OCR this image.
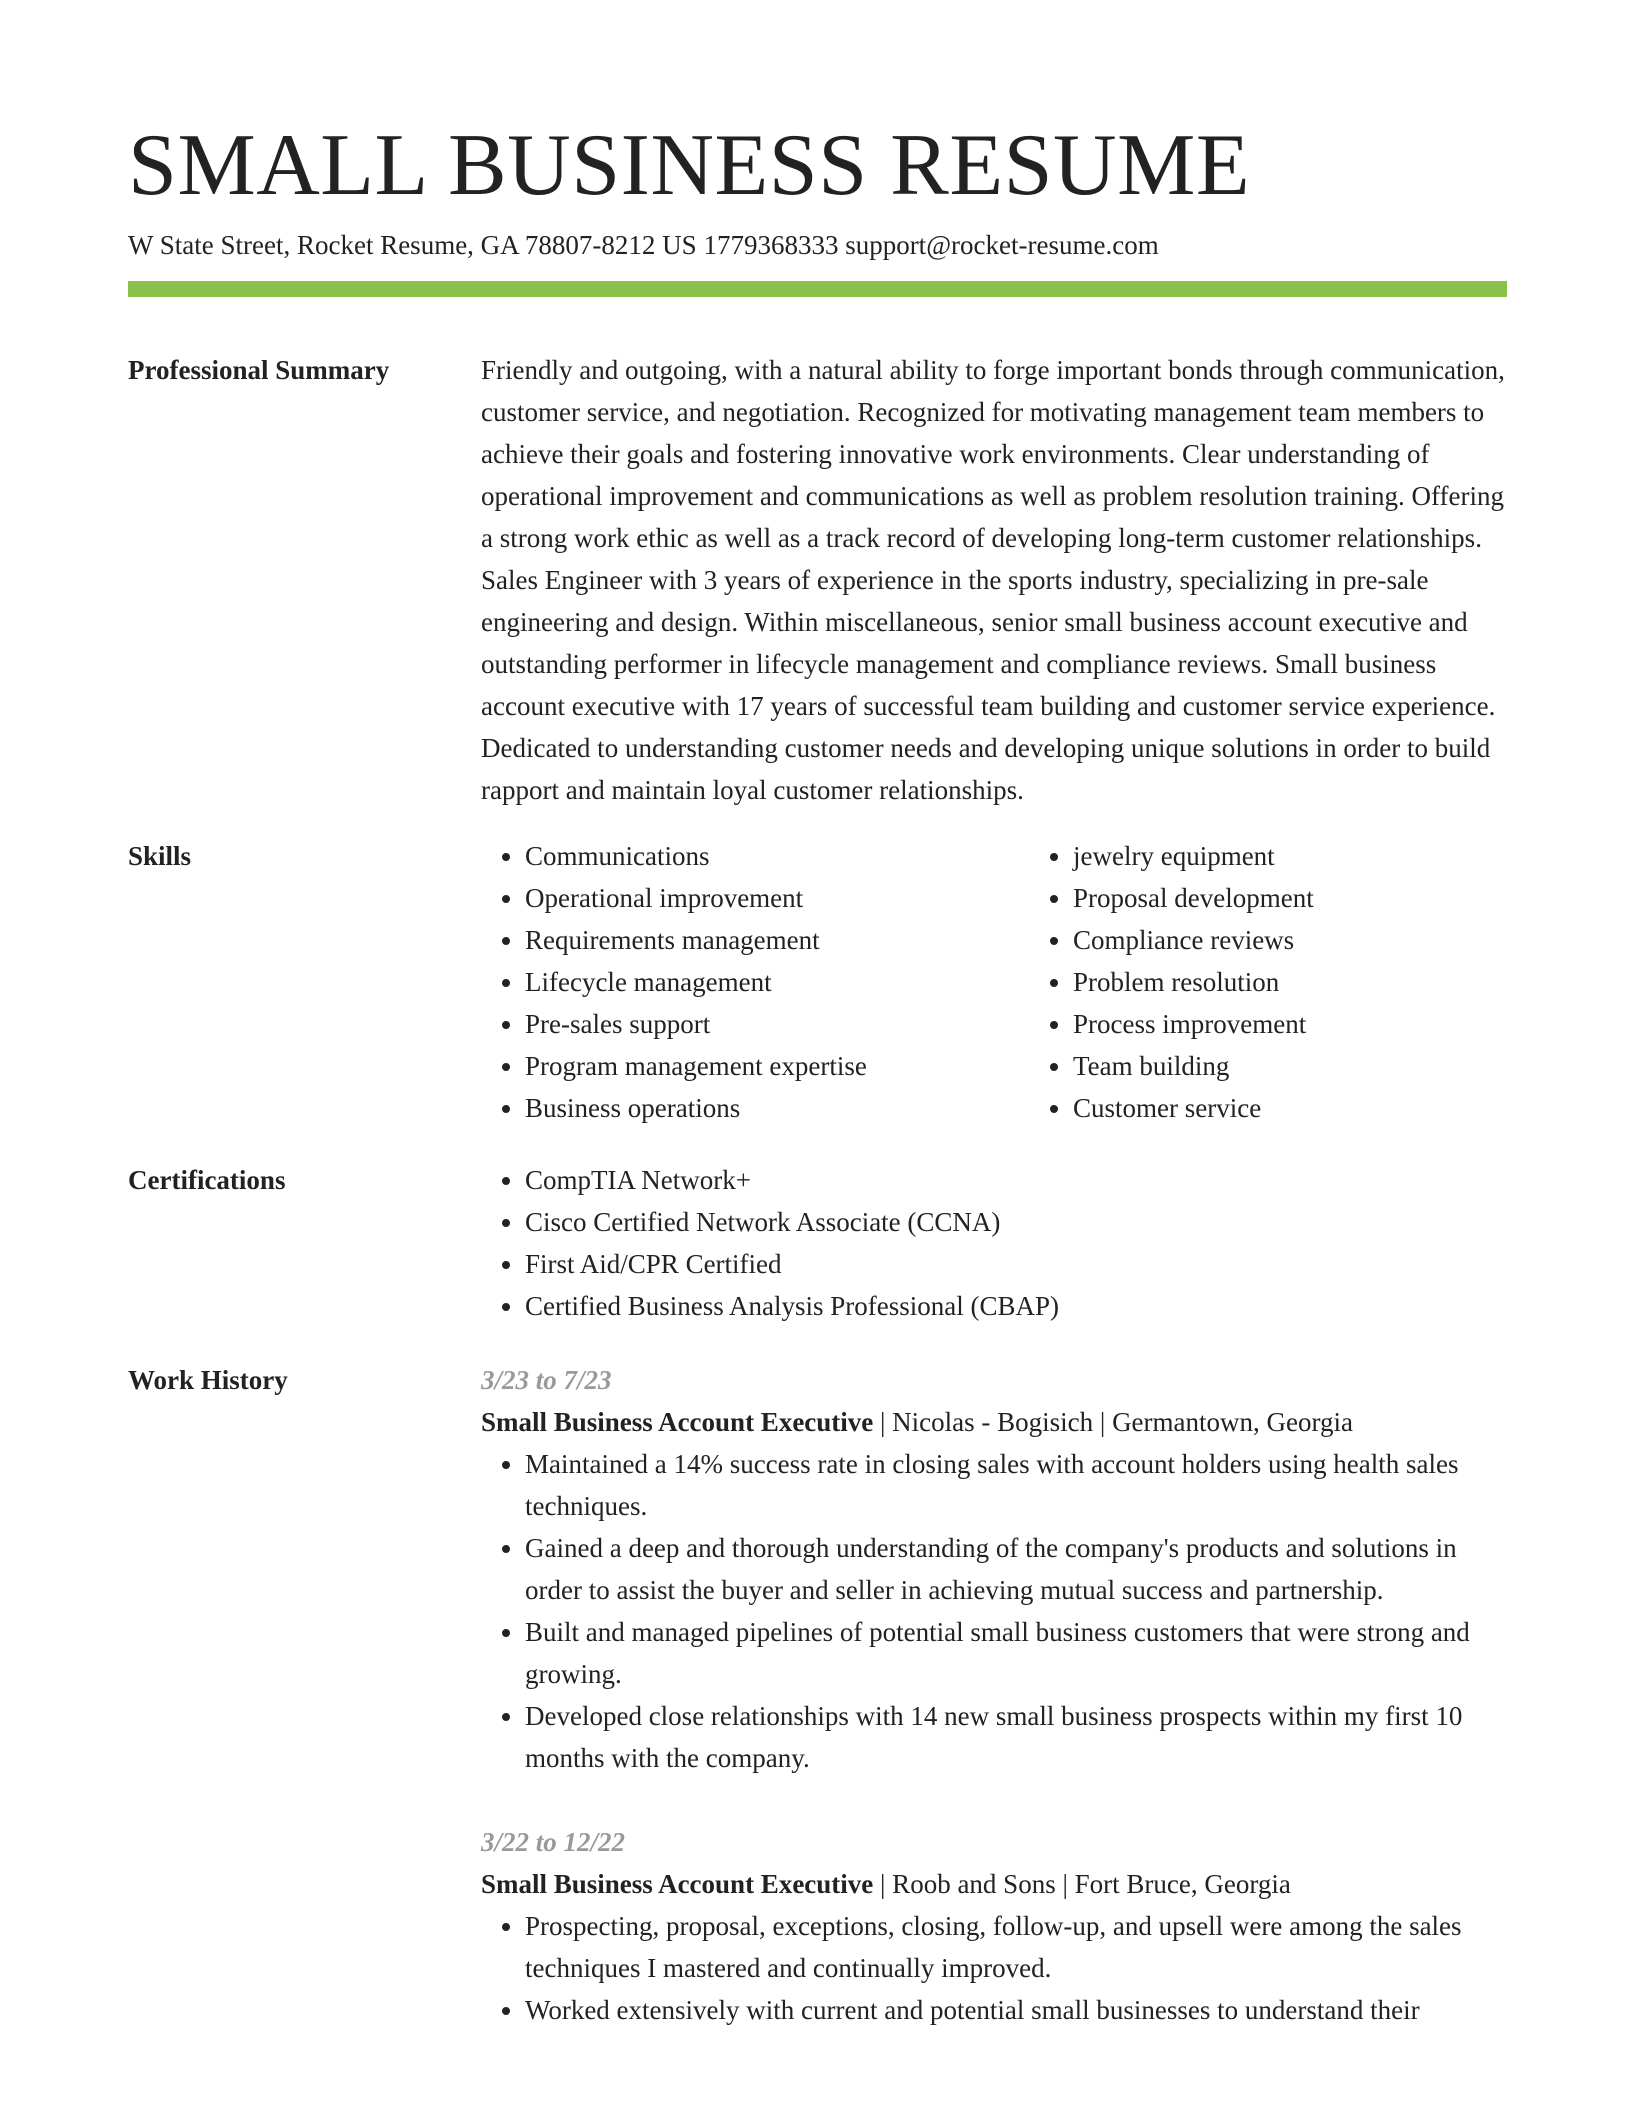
SMALL BUSINESS RESUME
W State Street, Rocket Resume, GA 78807-8212 US 1779368333 support@rocket-resume.com
Professional Summary	Friendly and outgoing, with a natural ability to forge important bonds through communication, customer service, and negotiation. Recognized for motivating management team members to achieve their goals and fostering innovative work environments. Clear understanding of operational improvement and communications as well as problem resolution training. Offering a strong work ethic as well as a track record of developing long-term customer relationships. Sales Engineer with 3 years of experience in the sports industry, specializing in pre-sale engineering and design. Within miscellaneous, senior small business account executive and outstanding performer in lifecycle management and compliance reviews. Small business account executive with 17 years of successful team building and customer service experience. Dedicated to understanding customer needs and developing unique solutions in order to build rapport and maintain loyal customer relationships.

Skills	• Communications
• Operational improvement
• Requirements management
• Lifecycle management
• Pre-sales support
• Program management expertise
• Business operations
• jewelry equipment
• Proposal development
• Compliance reviews
• Problem resolution
• Process improvement
• Team building
• Customer service
Certifications	• CompTIA Network+
• Cisco Certified Network Associate (CCNA)
• First Aid/CPR Certified
• Certified Business Analysis Professional (CBAP)
Work History	3/23 to 7/23
Small Business Account Executive | Nicolas - Bogisich | Germantown, Georgia
• Maintained a 14% success rate in closing sales with account holders using health sales techniques.
• Gained a deep and thorough understanding of the company's products and solutions in order to assist the buyer and seller in achieving mutual success and partnership.
• Built and managed pipelines of potential small business customers that were strong and growing.
• Developed close relationships with 14 new small business prospects within my first 10 months with the company.
3/22 to 12/22
Small Business Account Executive | Roob and Sons | Fort Bruce, Georgia
• Prospecting, proposal, exceptions, closing, follow-up, and upsell were among the sales techniques I mastered and continually improved.
• Worked extensively with current and potential small businesses to understand their
